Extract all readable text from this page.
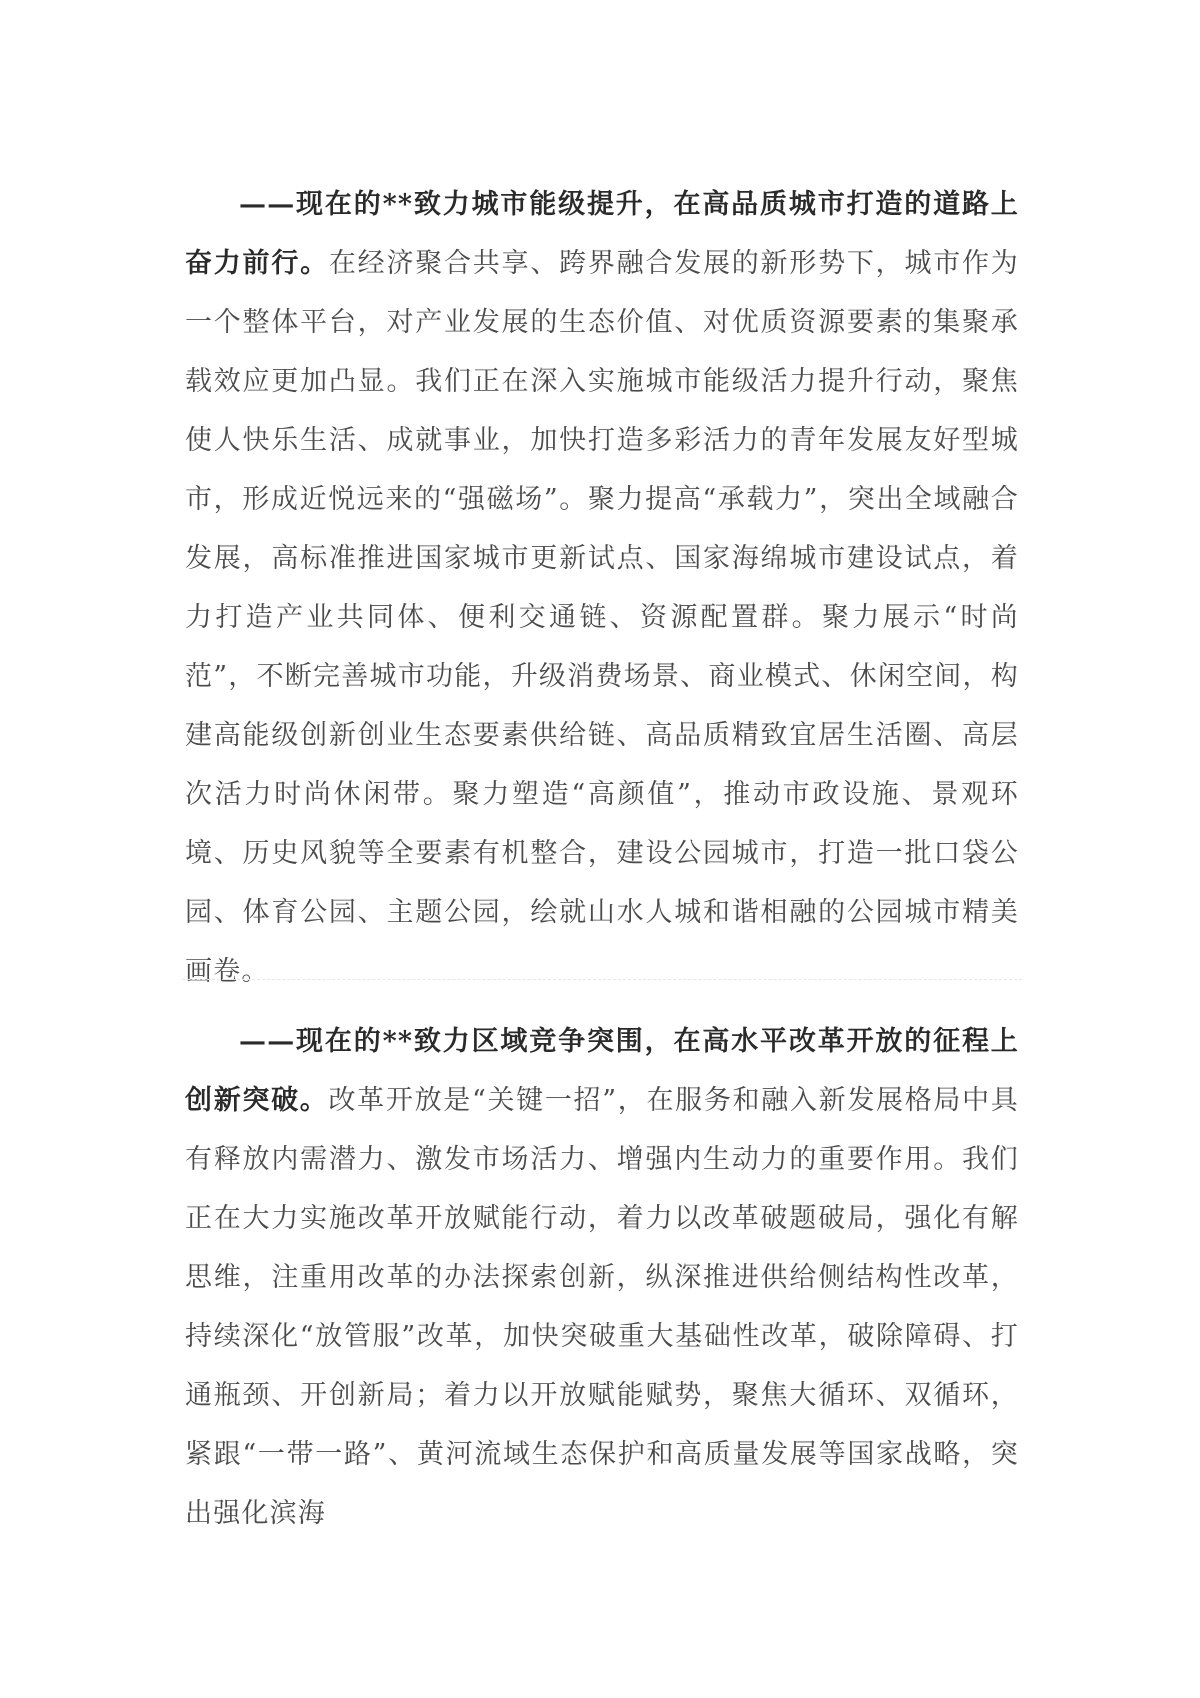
——现在的**致力城市能级提升，在高品质城市打造的道路上奋力前行。在经济聚合共享、跨界融合发展的新形势下，城市作为一个整体平台，对产业发展的生态价值、对优质资源要素的集聚承载效应更加凸显。我们正在深入实施城市能级活力提升行动，聚焦使人快乐生活、成就事业，加快打造多彩活力的青年发展友好型城市，形成近悦远来的“强磁场”。聚力提高“承载力”，突出全域融合发展，高标准推进国家城市更新试点、国家海绵城市建设试点，着力打造产业共同体、便利交通链、资源配置群。聚力展示“时尚范”，不断完善城市功能，升级消费场景、商业模式、休闲空间，构建高能级创新创业生态要素供给链、高品质精致宜居生活圈、高层次活力时尚休闲带。聚力塑造“高颜值”，推动市政设施、景观环境、历史风貌等全要素有机整合，建设公园城市，打造一批口袋公园、体育公园、主题公园，绘就山水人城和谐相融的公园城市精美画卷。

——现在的**致力区域竞争突围，在高水平改革开放的征程上创新突破。改革开放是“关键一招”，在服务和融入新发展格局中具有释放内需潜力、激发市场活力、增强内生动力的重要作用。我们正在大力实施改革开放赋能行动，着力以改革破题破局，强化有解思维，注重用改革的办法探索创新，纵深推进供给侧结构性改革，持续深化“放管服”改革，加快突破重大基础性改革，破除障碍、打通瓶颈、开创新局；着力以开放赋能赋势，聚焦大循环、双循环，紧跟“一带一路”、黄河流域生态保护和高质量发展等国家战略，突出强化滨海
